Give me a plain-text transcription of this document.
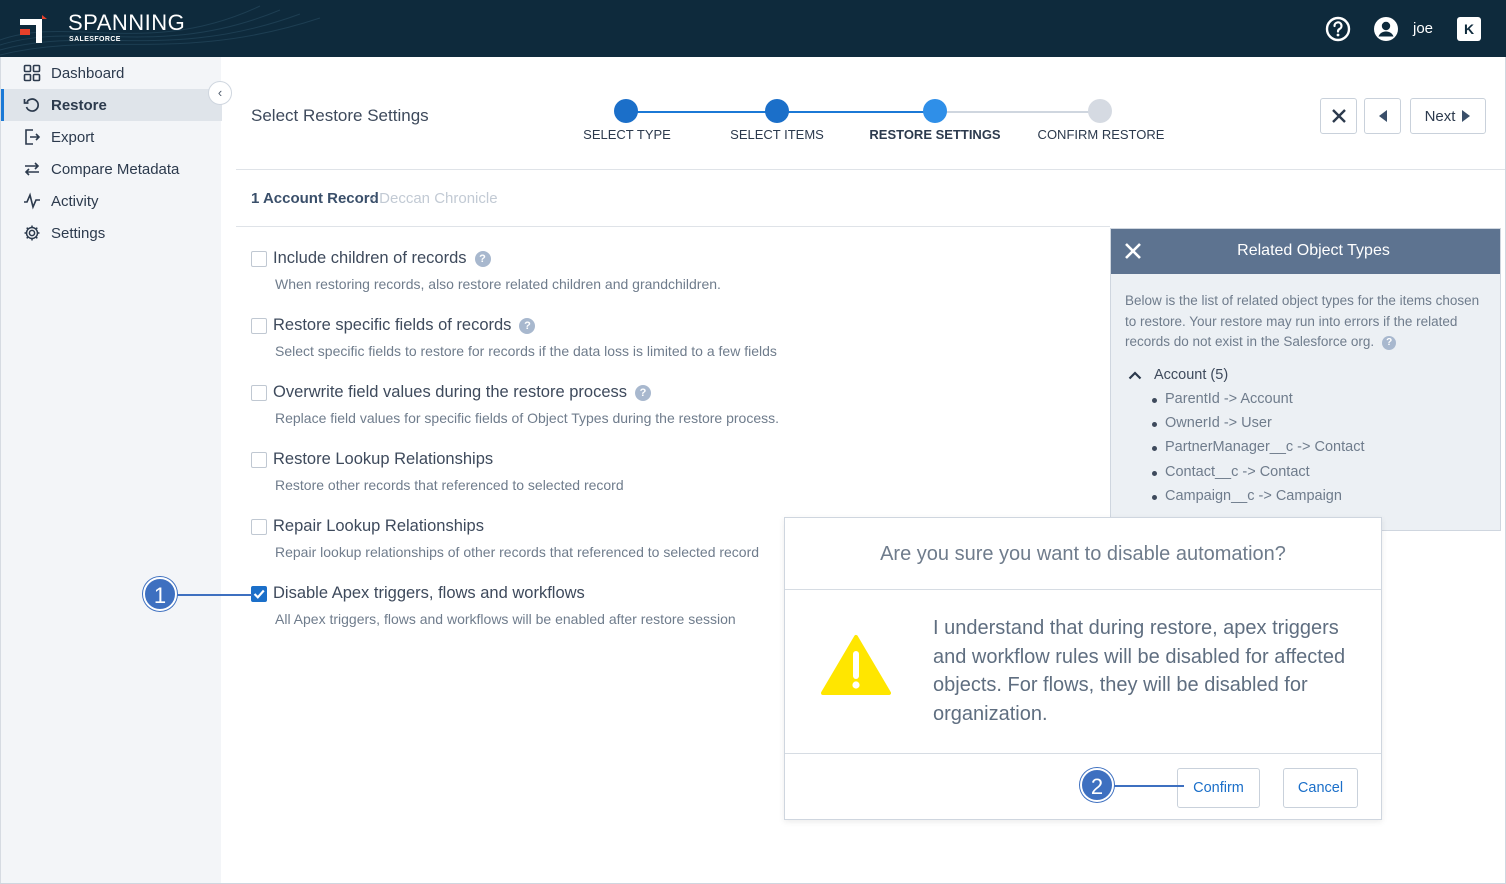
SPANNING
SALESFORCE
joe	K
Dashboard
Restore
Export
Compare Metadata
Activity
Settings
‹
Select Restore Settings
SELECT TYPE	SELECT ITEMS	RESTORE SETTINGS	CONFIRM RESTORE
Next
1 Account Record
- Deccan Chronicle
Include children of records ?
When restoring records, also restore related children and grandchildren.
Restore specific fields of records ?
Select specific fields to restore for records if the data loss is limited to a few fields
Overwrite field values during the restore process ?
Replace field values for specific fields of Object Types during the restore process.
Restore Lookup Relationships
Restore other records that referenced to selected record
Repair Lookup Relationships
Repair lookup relationships of other records that referenced to selected record
Disable Apex triggers, flows and workflows
All Apex triggers, flows and workflows will be enabled after restore session
Related Object Types
Below is the list of related object types for the items chosen to restore. Your restore may run into errors if the related records do not exist in the Salesforce org. ?
Account (5)
ParentId -> Account
OwnerId -> User
PartnerManager__c -> Contact
Contact__c -> Contact
Campaign__c -> Campaign
Are you sure you want to disable automation?
I understand that during restore, apex triggers and workflow rules will be disabled for affected objects. For flows, they will be disabled for organization.
Confirm	Cancel
1
2
